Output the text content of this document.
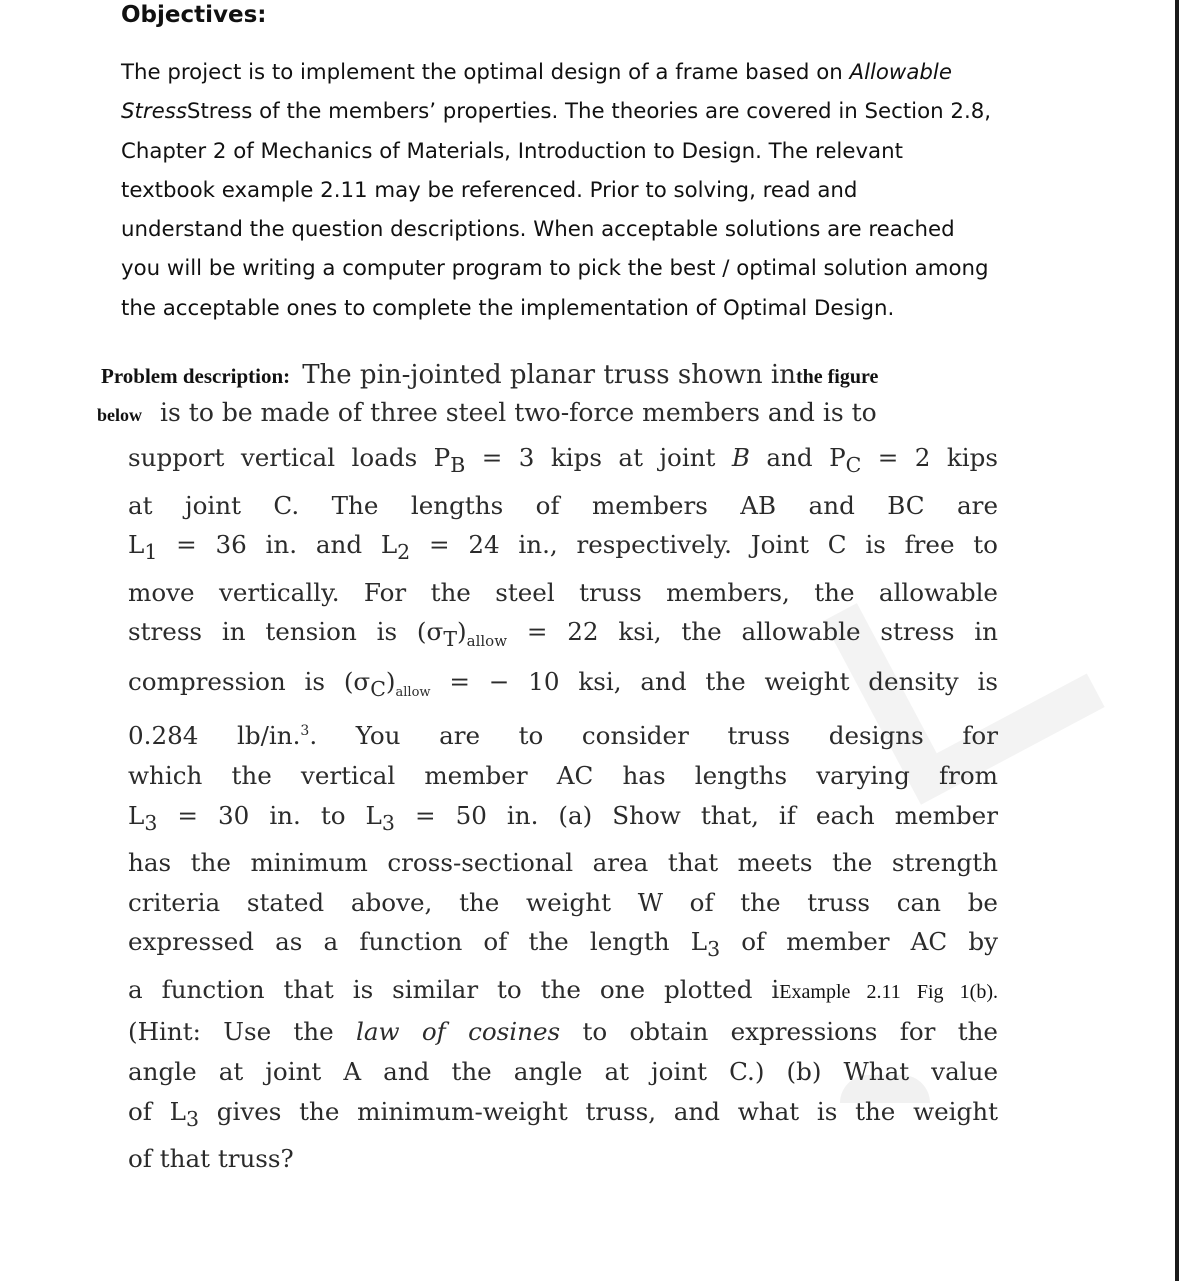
Objectives:
The project is to implement the optimal design of a frame based on Allowable
StressStress of the members’ properties. The theories are covered in Section 2.8,
Chapter 2 of Mechanics of Materials, Introduction to Design. The relevant
textbook example 2.11 may be referenced. Prior to solving, read and
understand the question descriptions. When acceptable solutions are reached
you will be writing a computer program to pick the best / optimal solution among
the acceptable ones to complete the implementation of Optimal Design.
Problem description: The pin-jointed planar truss shown inthe figure
below is to be made of three steel two-force members and is to
support vertical loads $P_B = 3$ kips at joint B and $P_C = 2$ kips
at joint C. The lengths of members AB and BC are
$L_1 = 36$ in. and $L_2 = 24$ in., respectively. Joint C is free to
move vertically. For the steel truss members, the allowable
stress in tension is $(\sigma_T)_{allow} = 22$ ksi, the allowable stress in
compression is $(\sigma_C)_{allow}$ = − 10 ksi, and the weight density is
0.284 lb/in.$^3$. You are to consider truss designs for
which the vertical member AC has lengths varying from
$L_3 = 30$ in. to $L_3 = 50$ in. (a) Show that, if each member
has the minimum cross-sectional area that meets the strength
criteria stated above, the weight W of the truss can be
expressed as a function of the length $L_3$ of member AC by
a function that is similar to the one plotted iExample 2.11 Fig 1(b).
(Hint: Use the law of cosines to obtain expressions for the
angle at joint A and the angle at joint C.) (b) What value
of $L_3$ gives the minimum-weight truss, and what is the weight
of that truss?
